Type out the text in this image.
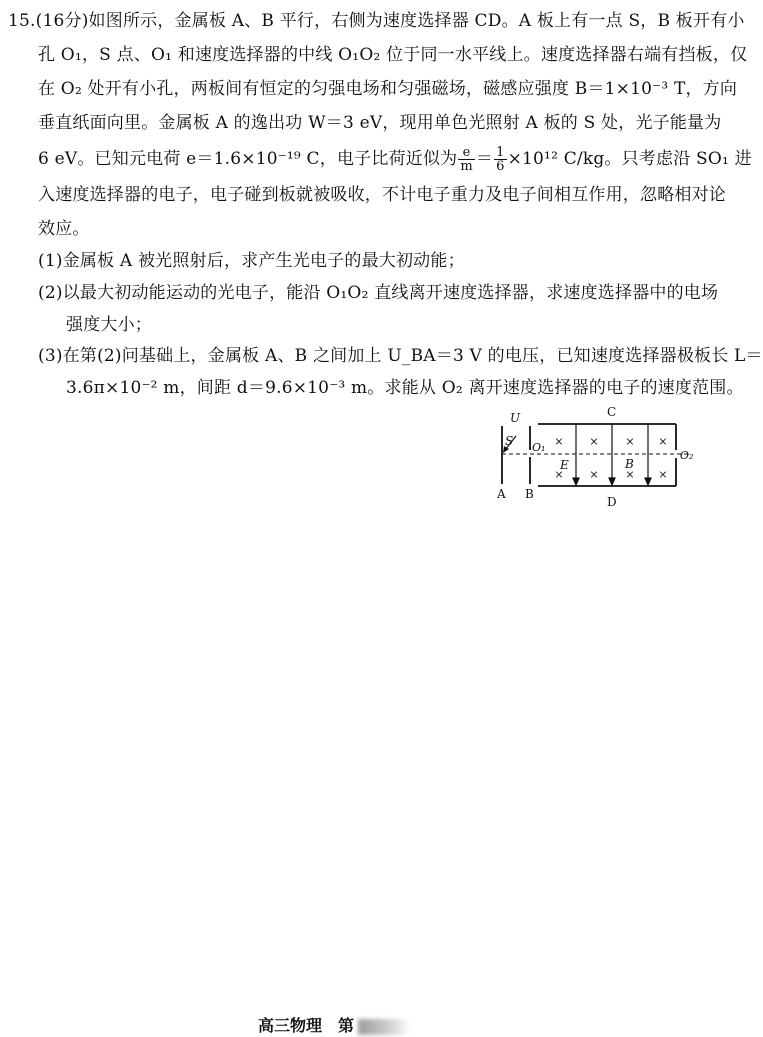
15.(16分)如图所示，金属板 A、B 平行，右侧为速度选择器 CD。A 板上有一点 S，B 板开有小
孔 O₁，S 点、O₁ 和速度选择器的中线 O₁O₂ 位于同一水平线上。速度选择器右端有挡板，仅
在 O₂ 处开有小孔，两板间有恒定的匀强电场和匀强磁场，磁感应强度 B＝1×10⁻³ T，方向
垂直纸面向里。金属板 A 的逸出功 W＝3 eV，现用单色光照射 A 板的 S 处，光子能量为
6 eV。已知元电荷 e＝1.6×10⁻¹⁹ C，电子比荷近似为 $\frac{e}{m} = \frac{1}{6} \times 10^{12}$ C/kg。只考虑沿 SO₁ 进
入速度选择器的电子，电子碰到板就被吸收，不计电子重力及电子间相互作用，忽略相对论
效应。
(1)金属板 A 被光照射后，求产生光电子的最大初动能；
(2)以最大初动能运动的光电子，能沿 O₁O₂ 直线离开速度选择器，求速度选择器中的电场
强度大小；
(3)在第(2)问基础上，金属板 A、B 之间加上 U_BA＝3 V 的电压，已知速度选择器极板长 L＝
3.6π×10⁻² m，间距 d＝9.6×10⁻³ m。求能从 O₂ 离开速度选择器的电子的速度范围。
× × × ×
× × × ×
U
S O₁
O₂
E	B
C
D
A B
高三物理　第
